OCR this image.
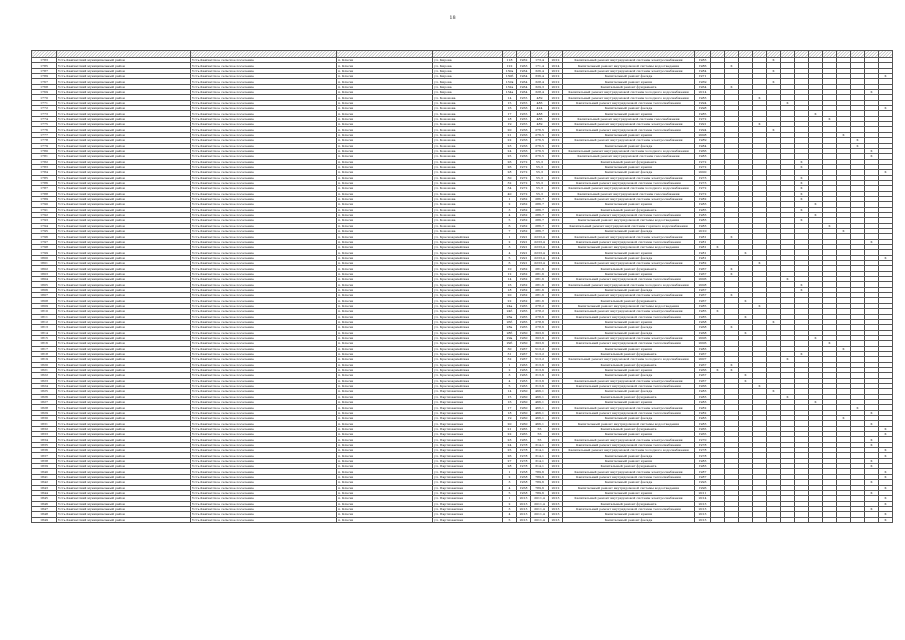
18

1783	Усть-Камчатский муниципальный район	Усть-Камчатское сельское поселение	п. Ключи	ул. Кирова	118	1962	173,4	2012	Капитальный ремонт внутридомовой системы электроснабжения	1983					X								
1785	Усть-Камчатский муниципальный район	Усть-Камчатское сельское поселение	п. Ключи	ул. Кирова	122	1963	171,4	2014	Капитальный ремонт внутридомовой системы водоотведения	1986		X											
1787	Усть-Камчатский муниципальный район	Усть-Камчатское сельское поселение	п. Ключи	ул. Кирова	130а	1964	326,4	2012	Капитальный ремонт внутридомовой системы электроснабжения	1984					X								
1789	Усть-Камчатский муниципальный район	Усть-Камчатское сельское поселение	п. Ключи	ул. Кирова	130б	1964	336,4	2012	Капитальный ремонт фасада	1971													X
1767	Усть-Камчатский муниципальный район	Усть-Камчатское сельское поселение	п. Ключи	ул. Кирова	130в	1964	328,4	2012	Капитальный ремонт крыши	1969					X								
1768	Усть-Камчатский муниципальный район	Усть-Камчатское сельское поселение	п. Ключи	ул. Кирова	132а	1964	329,3	2012	Капитальный ремонт фундамента	1964		X											
1769	Усть-Камчатский муниципальный район	Усть-Камчатское сельское поселение	п. Ключи	ул. Кирова	134а	1964	328,4	2012	Капитальный ремонт внутридомовой системы холодного водоснабжения	2014												X	
1770	Усть-Камчатский муниципальный район	Усть-Камчатское сельское поселение	п. Ключи	ул. Кононова	14	1955	489	2012	Капитальный ремонт внутридомовой системы холодного водоснабжения	1983				X									
1771	Усть-Камчатский муниципальный район	Усть-Камчатское сельское поселение	п. Ключи	ул. Кононова	15	1955	486	2012	Капитальный ремонт внутридомовой системы теплоснабжения	1994						X							
1772	Усть-Камчатский муниципальный район	Усть-Камчатское сельское поселение	п. Ключи	ул. Кононова	16	1956	424	2012	Капитальный ремонт фасада	1998													X
1773	Усть-Камчатский муниципальный район	Усть-Камчатское сельское поселение	п. Ключи	ул. Кононова	17	1955	488	2012	Капитальный ремонт крыши	1985								X					
1774	Усть-Камчатский муниципальный район	Усть-Камчатское сельское поселение	п. Ключи	ул. Кононова	18	1955	486	2012	Капитальный ремонт внутридомовой системы газоснабжения	1972									X				
1775	Усть-Камчатский муниципальный район	Усть-Камчатское сельское поселение	п. Ключи	ул. Кононова	19	1955	489	2012	Капитальный ремонт внутридомовой системы электроснабжения	1991				X									
1776	Усть-Камчатский муниципальный район	Усть-Камчатское сельское поселение	п. Ключи	ул. Кононова	20	1956	276,5	2012	Капитальный ремонт внутридомовой системы теплоснабжения	1994					X								
1777	Усть-Камчатский муниципальный район	Усть-Камчатское сельское поселение	п. Ключи	ул. Кононова	21	1956	276,5	2012	Капитальный ремонт крыши	2008										X			
1778	Усть-Камчатский муниципальный район	Усть-Камчатское сельское поселение	п. Ключи	ул. Кононова	22	1956	276,5	2012	Капитальный ремонт внутридомовой системы электроснабжения	1989											X		
1779	Усть-Камчатский муниципальный район	Усть-Камчатское сельское поселение	п. Ключи	ул. Кононова	23	1956	276,5	2012	Капитальный ремонт фасада	1984											X		
1780	Усть-Камчатский муниципальный район	Усть-Камчатское сельское поселение	п. Ключи	ул. Кононова	24	1956	276,5	2012	Капитальный ремонт внутридомовой системы холодного водоснабжения	1966												X	
1781	Усть-Камчатский муниципальный район	Усть-Камчатское сельское поселение	п. Ключи	ул. Кононова	25	1956	276,5	2012	Капитальный ремонт внутридомовой системы газоснабжения	1983												X	
1782	Усть-Камчатский муниципальный район	Усть-Камчатское сельское поселение	п. Ключи	ул. Кононова	26	1972	55,3	2012	Капитальный ремонт фундамента	1972							X						
1783	Усть-Камчатский муниципальный район	Усть-Камчатское сельское поселение	п. Ключи	ул. Кононова	26	1972	55,3	2012	Капитальный ремонт крыши	1972							X						
1784	Усть-Камчатский муниципальный район	Усть-Камчатское сельское поселение	п. Ключи	ул. Кононова	28	1972	55,3	2012	Капитальный ремонт фасада	2000													X
1785	Усть-Камчатский муниципальный район	Усть-Камчатское сельское поселение	п. Ключи	ул. Кононова	30	1972	55,3	2012	Капитальный ремонт внутридомовой системы электроснабжения	1973							X						
1786	Усть-Камчатский муниципальный район	Усть-Камчатское сельское поселение	п. Ключи	ул. Кононова	32	1972	55,3	2012	Капитальный ремонт внутридомовой системы теплоснабжения	1973							X						
1787	Усть-Камчатский муниципальный район	Усть-Камчатское сельское поселение	п. Ключи	ул. Кононова	34	1972	55,3	2012	Капитальный ремонт внутридомовой системы холодного водоснабжения	1972							X						
1788	Усть-Камчатский муниципальный район	Усть-Камчатское сельское поселение	п. Ключи	ул. Кононова	40	1972	55,3	2012	Капитальный ремонт внутридомовой системы газоснабжения	1972							X						
1789	Усть-Камчатский муниципальный район	Усть-Камчатское сельское поселение	п. Ключи	ул. Кононова	1	1962	286,7	2012	Капитальный ремонт внутридомовой системы электроснабжения	1982							X						
1790	Усть-Камчатский муниципальный район	Усть-Камчатское сельское поселение	п. Ключи	ул. Кононова	2	1962	286,7	2012	Капитальный ремонт крыши	1983								X					
1791	Усть-Камчатский муниципальный район	Усть-Камчатское сельское поселение	п. Ключи	ул. Кононова	3	1962	286,7	2012	Капитальный ремонт фундамента	1985							X						
1792	Усть-Камчатский муниципальный район	Усть-Камчатское сельское поселение	п. Ключи	ул. Кононова	4	1962	286,7	2012	Капитальный ремонт внутридомовой системы теплоснабжения	1983								X					
1793	Усть-Камчатский муниципальный район	Усть-Камчатское сельское поселение	п. Ключи	ул. Кононова	5	1962	286,7	2012	Капитальный ремонт внутридомовой системы водоотведения	1983							X						
1794	Усть-Камчатский муниципальный район	Усть-Камчатское сельское поселение	п. Ключи	ул. Кононова	6	1962	286,7	2012	Капитальный ремонт внутридомовой системы горячего водоснабжения	1983									X				
1795	Усть-Камчатский муниципальный район	Усть-Камчатское сельское поселение	п. Ключи	ул. Кононова	7	1962	286,7	2012	Капитальный ремонт фасада	2010										X			
1796	Усть-Камчатский муниципальный район	Усть-Камчатское сельское поселение	п. Ключи	ул. Красноармейская	1	1991	2233,4	2014	Капитальный ремонт внутридомовой системы электроснабжения	1981		X											
1797	Усть-Камчатский муниципальный район	Усть-Камчатское сельское поселение	п. Ключи	ул. Красноармейская	2	1991	2233,4	2014	Капитальный ремонт внутридомовой системы теплоснабжения	1981												X	
1798	Усть-Камчатский муниципальный район	Усть-Камчатское сельское поселение	п. Ключи	ул. Красноармейская	3	1991	2233,4	2014	Капитальный ремонт внутридомовой системы водоотведения	1981	X												
1799	Усть-Камчатский муниципальный район	Усть-Камчатское сельское поселение	п. Ключи	ул. Красноармейская	4	1991	2233,4	2014	Капитальный ремонт крыши	1981			X										
1800	Усть-Камчатский муниципальный район	Усть-Камчатское сельское поселение	п. Ключи	ул. Красноармейская	5	1991	2233,4	2014	Капитальный ремонт фасада	1981													X
1801	Усть-Камчатский муниципальный район	Усть-Камчатское сельское поселение	п. Ключи	ул. Красноармейская	6	1991	2233,4	2014	Капитальный ремонт внутридомовой системы электроснабжения	1982				X									
1802	Усть-Камчатский муниципальный район	Усть-Камчатское сельское поселение	п. Ключи	ул. Красноармейская	10	1962	281,6	2012	Капитальный ремонт фундамента	1967		X											
1803	Усть-Камчатский муниципальный район	Усть-Камчатское сельское поселение	п. Ключи	ул. Красноармейская	12	1962	281,6	2012	Капитальный ремонт крыши	1967		X											
1804	Усть-Камчатский муниципальный район	Усть-Камчатское сельское поселение	п. Ключи	ул. Красноармейская	14	1962	281,6	2012	Капитальный ремонт внутридомовой системы теплоснабжения	2006						X							
1805	Усть-Камчатский муниципальный район	Усть-Камчатское сельское поселение	п. Ключи	ул. Красноармейская	16	1962	281,6	2012	Капитальный ремонт внутридомовой системы холодного водоснабжения	2008							X						
1806	Усть-Камчатский муниципальный район	Усть-Камчатское сельское поселение	п. Ключи	ул. Красноармейская	18	1962	281,6	2012	Капитальный ремонт фасада	1967							X						
1807	Усть-Камчатский муниципальный район	Усть-Камчатское сельское поселение	п. Ключи	ул. Красноармейская	20	1962	281,6	2012	Капитальный ремонт внутридомовой системы электроснабжения	1967		X											
1808	Усть-Камчатский муниципальный район	Усть-Камчатское сельское поселение	п. Ключи	ул. Красноармейская	22	1962	281,6	2012	Капитальный ремонт фундамента	1967			X										
1809	Усть-Камчатский муниципальный район	Усть-Камчатское сельское поселение	п. Ключи	ул. Красноармейская	24а	1965	278,2	2012	Капитальный ремонт внутридомовой системы водоотведения	1985				X									
1810	Усть-Камчатский муниципальный район	Усть-Камчатское сельское поселение	п. Ключи	ул. Красноармейская	24б	1965	278,2	2012	Капитальный ремонт внутридомовой системы электроснабжения	1985	X												
1811	Усть-Камчатский муниципальный район	Усть-Камчатское сельское поселение	п. Ключи	ул. Красноармейская	26а	1965	278,6	2012	Капитальный ремонт внутридомовой системы теплоснабжения	1985			X										
1812	Усть-Камчатский муниципальный район	Усть-Камчатское сельское поселение	п. Ключи	ул. Красноармейская	26б	1965	278,6	2012	Капитальный ремонт крыши	1968					X								
1813	Усть-Камчатский муниципальный район	Усть-Камчатское сельское поселение	п. Ключи	ул. Красноармейская	28а	1965	278,6	2012	Капитальный ремонт фасада	1968		X											
1814	Усть-Камчатский муниципальный район	Усть-Камчатское сельское поселение	п. Ключи	ул. Красноармейская	28б	1960	303,6	2012	Капитальный ремонт фасада	1968			X										
1815	Усть-Камчатский муниципальный район	Усть-Камчатское сельское поселение	п. Ключи	ул. Красноармейская	29а	1960	303,6	2012	Капитальный ремонт внутридомовой системы электроснабжения	2006								X					
1816	Усть-Камчатский муниципальный район	Усть-Камчатское сельское поселение	п. Ключи	ул. Красноармейская	29б	1960	303,6	2012	Капитальный ремонт внутридомовой системы теплоснабжения	2006									X				
1817	Усть-Камчатский муниципальный район	Усть-Камчатское сельское поселение	п. Ключи	ул. Красноармейская	30	1967	513,2	2012	Капитальный ремонт крыши	1983										X			
1818	Усть-Камчатский муниципальный район	Усть-Камчатское сельское поселение	п. Ключи	ул. Красноармейская	31	1967	513,2	2012	Капитальный ремонт фундамента	1967							X						
1819	Усть-Камчатский муниципальный район	Усть-Камчатское сельское поселение	п. Ключи	ул. Красноармейская	32	1967	513,2	2012	Капитальный ремонт внутридомовой системы холодного водоснабжения	2007						X							
1820	Усть-Камчатский муниципальный район	Усть-Камчатское сельское поселение	п. Ключи	ул. Красноармейская	1	1963	313,6	2012	Капитальный ремонт фундамента	1967		X											
1821	Усть-Камчатский муниципальный район	Усть-Камчатское сельское поселение	п. Ключи	ул. Красноармейская	2	1963	313,6	2012	Капитальный ремонт крыши	1966	X	X											
1822	Усть-Камчатский муниципальный район	Усть-Камчатское сельское поселение	п. Ключи	ул. Красноармейская	3	1963	313,6	2012	Капитальный ремонт фасада	1967			X										
1823	Усть-Камчатский муниципальный район	Усть-Камчатское сельское поселение	п. Ключи	ул. Красноармейская	4	1963	313,6	2012	Капитальный ремонт внутридомовой системы электроснабжения	1967			X										
1824	Усть-Камчатский муниципальный район	Усть-Камчатское сельское поселение	п. Ключи	ул. Красноармейская	5	1963	313,6	2012	Капитальный ремонт внутридомовой системы теплоснабжения	1966				X									
1825	Усть-Камчатский муниципальный район	Усть-Камчатское сельское поселение	п. Ключи	ул. Партизанская	14	1960	466,1	2012	Капитальный ремонт фасада	1983					X								
1826	Усть-Камчатский муниципальный район	Усть-Камчатское сельское поселение	п. Ключи	ул. Партизанская	15	1960	466,1	2012	Капитальный ремонт фундамента	1983						X							
1827	Усть-Камчатский муниципальный район	Усть-Камчатское сельское поселение	п. Ключи	ул. Партизанская	16	1960	466,1	2012	Капитальный ремонт крыши	1983								X					
1828	Усть-Камчатский муниципальный район	Усть-Камчатское сельское поселение	п. Ключи	ул. Партизанская	17	1960	466,1	2012	Капитальный ремонт внутридомовой системы электроснабжения	1982											X		
1829	Усть-Камчатский муниципальный район	Усть-Камчатское сельское поселение	п. Ключи	ул. Партизанская	18	1960	466,1	2012	Капитальный ремонт внутридомовой системы теплоснабжения	1982												X	
1830	Усть-Камчатский муниципальный район	Усть-Камчатское сельское поселение	п. Ключи	ул. Партизанская	19	1960	466,1	2012	Капитальный ремонт фасада	1983										X			
1831	Усть-Камчатский муниципальный район	Усть-Камчатское сельское поселение	п. Ключи	ул. Партизанская	20	1960	466,1	2012	Капитальный ремонт внутридомовой системы водоотведения	1983												X	
1832	Усть-Камчатский муниципальный район	Усть-Камчатское сельское поселение	п. Ключи	ул. Партизанская	21	1965	55	2012	Капитальный ремонт фундамента	1965													X
1833	Усть-Камчатский муниципальный район	Усть-Камчатское сельское поселение	п. Ключи	ул. Партизанская	22	1965	55	2012	Капитальный ремонт крыши	1965													X
1834	Усть-Камчатский муниципальный район	Усть-Камчатское сельское поселение	п. Ключи	ул. Партизанская	23	1965	55	2012	Капитальный ремонт внутридомовой системы электроснабжения	1970												X	
1835	Усть-Камчатский муниципальный район	Усть-Камчатское сельское поселение	п. Ключи	ул. Партизанская	24	1978	314,1	2012	Капитальный ремонт внутридомовой системы теплоснабжения	1978												X	
1836	Усть-Камчатский муниципальный район	Усть-Камчатское сельское поселение	п. Ключи	ул. Партизанская	25	1978	314,1	2012	Капитальный ремонт внутридомовой системы холодного водоснабжения	1978													X
1837	Усть-Камчатский муниципальный район	Усть-Камчатское сельское поселение	п. Ключи	ул. Партизанская	26	1978	314,1	2012	Капитальный ремонт фасада	1978													X
1838	Усть-Камчатский муниципальный район	Усть-Камчатское сельское поселение	п. Ключи	ул. Партизанская	27	1978	314,1	2012	Капитальный ремонт крыши	1983												X	
1839	Усть-Камчатский муниципальный район	Усть-Камчатское сельское поселение	п. Ключи	ул. Партизанская	28	1978	314,1	2012	Капитальный ремонт фундамента	1983												X	
1840	Усть-Камчатский муниципальный район	Усть-Камчатское сельское поселение	п. Ключи	ул. Партизанская	1	1958	789,6	2012	Капитальный ремонт внутридомовой системы электроснабжения	1987													X
1841	Усть-Камчатский муниципальный район	Усть-Камчатское сельское поселение	п. Ключи	ул. Партизанская	2	1958	789,6	2012	Капитальный ремонт внутридомовой системы теплоснабжения	1987													X
1842	Усть-Камчатский муниципальный район	Усть-Камчатское сельское поселение	п. Ключи	ул. Партизанская	3	1958	789,6	2012	Капитальный ремонт фасада	1993												X	
1843	Усть-Камчатский муниципальный район	Усть-Камчатское сельское поселение	п. Ключи	ул. Партизанская	4	1958	789,6	2012	Капитальный ремонт внутридомовой системы водоотведения	1996													X
1844	Усть-Камчатский муниципальный район	Усть-Камчатское сельское поселение	п. Ключи	ул. Партизанская	5	1958	789,6	2012	Капитальный ремонт крыши	2011												X	
1845	Усть-Камчатский муниципальный район	Усть-Камчатское сельское поселение	п. Ключи	ул. Партизанская	1	2013	2011,4	2013	Капитальный ремонт внутридомовой системы электроснабжения	2014													X
1846	Усть-Камчатский муниципальный район	Усть-Камчатское сельское поселение	п. Ключи	ул. Партизанская	2	2013	2011,4	2013	Капитальный ремонт фундамента	2013													X
1847	Усть-Камчатский муниципальный район	Усть-Камчатское сельское поселение	п. Ключи	ул. Партизанская	3	2013	2011,4	2013	Капитальный ремонт внутридомовой системы теплоснабжения	2013												X	
1848	Усть-Камчатский муниципальный район	Усть-Камчатское сельское поселение	п. Ключи	ул. Партизанская	4	2013	2011,4	2013	Капитальный ремонт крыши	2013													X
1849	Усть-Камчатский муниципальный район	Усть-Камчатское сельское поселение	п. Ключи	ул. Партизанская	5	2013	2011,4	2013	Капитальный ремонт фасада	2013													X
